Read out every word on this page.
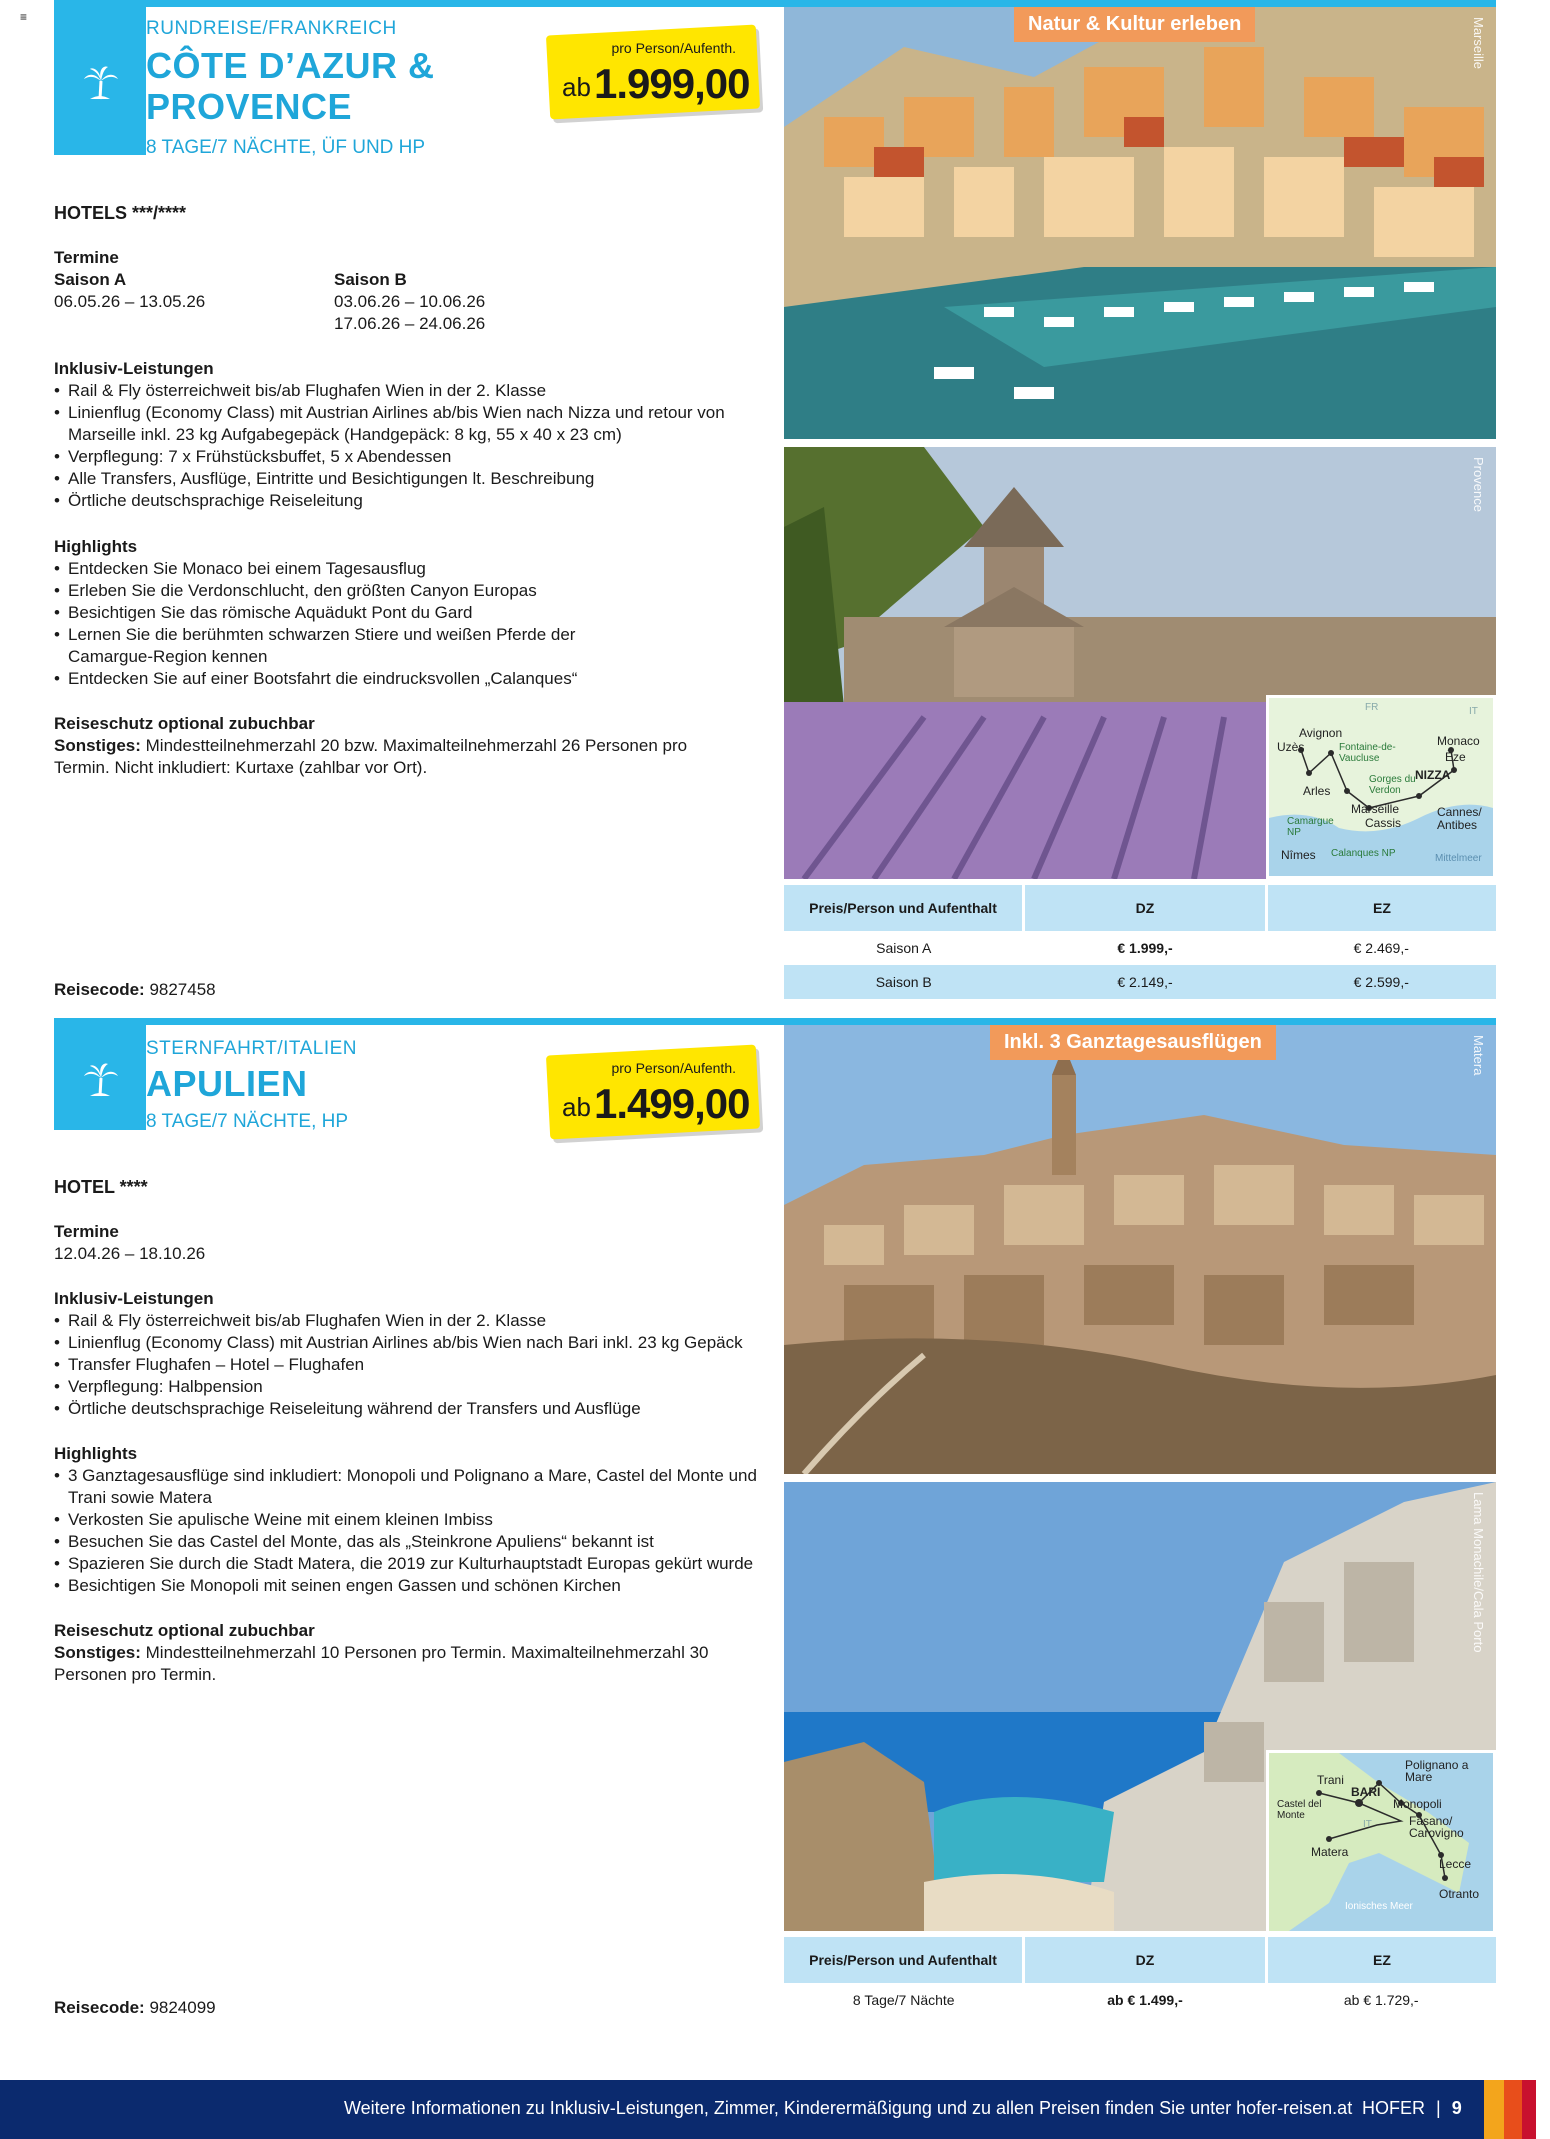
≡
RUNDREISE/FRANKREICH
CÔTE D’AZUR &
PROVENCE
8 TAGE/7 NÄCHTE, ÜF UND HP
pro Person/Aufenth.
ab 1.999,00
HOTELS ***/****
Termine
Saison A
06.05.26 – 13.05.26
Saison B
03.06.26 – 10.06.26
17.06.26 – 24.06.26
Inklusiv-Leistungen
• Rail & Fly österreichweit bis/ab Flughafen Wien in der 2. Klasse
• Linienflug (Economy Class) mit Austrian Airlines ab/bis Wien nach Nizza und retour von Marseille inkl. 23 kg Aufgabegepäck (Handgepäck: 8 kg, 55 x 40 x 23 cm)
• Verpflegung: 7 x Frühstücksbuffet, 5 x Abendessen
• Alle Transfers, Ausflüge, Eintritte und Besichtigungen lt. Beschreibung
• Örtliche deutschsprachige Reiseleitung
Highlights
• Entdecken Sie Monaco bei einem Tagesausflug
• Erleben Sie die Verdonschlucht, den größten Canyon Europas
• Besichtigen Sie das römische Aquädukt Pont du Gard
• Lernen Sie die berühmten schwarzen Stiere und weißen Pferde der Camargue-Region kennen
• Entdecken Sie auf einer Bootsfahrt die eindrucksvollen „Calanques“
Reiseschutz optional zubuchbar
Sonstiges: Mindestteilnehmerzahl 20 bzw. Maximalteilnehmerzahl 26 Personen pro Termin. Nicht inkludiert: Kurtaxe (zahlbar vor Ort).
Reisecode: 9827458
Marseille
Natur & Kultur erleben
Provence
FR	IT
Avignon
Uzès	Fontaine-de-Vaucluse
Monaco
Èze
NIZZA
Arles
Gorges du Verdon
Camargue NP
Marseille
Cassis
Cannes/ Antibes
Nîmes Calanques NP	Mittelmeer
Preis/Person und Aufenthalt	DZ	EZ
Saison A	€ 1.999,-	€ 2.469,-
Saison B	€ 2.149,-	€ 2.599,-
STERNFAHRT/ITALIEN
APULIEN
8 TAGE/7 NÄCHTE, HP
pro Person/Aufenth.
ab 1.499,00
HOTEL ****
Termine
12.04.26 – 18.10.26
Inklusiv-Leistungen
• Rail & Fly österreichweit bis/ab Flughafen Wien in der 2. Klasse
• Linienflug (Economy Class) mit Austrian Airlines ab/bis Wien nach Bari inkl. 23 kg Gepäck
• Transfer Flughafen – Hotel – Flughafen
• Verpflegung: Halbpension
• Örtliche deutschsprachige Reiseleitung während der Transfers und Ausflüge
Highlights
• 3 Ganztagesausflüge sind inkludiert: Monopoli und Polignano a Mare, Castel del Monte und Trani sowie Matera
• Verkosten Sie apulische Weine mit einem kleinen Imbiss
• Besuchen Sie das Castel del Monte, das als „Steinkrone Apuliens“ bekannt ist
• Spazieren Sie durch die Stadt Matera, die 2019 zur Kulturhauptstadt Europas gekürt wurde
• Besichtigen Sie Monopoli mit seinen engen Gassen und schönen Kirchen
Reiseschutz optional zubuchbar
Sonstiges: Mindestteilnehmerzahl 10 Personen pro Termin. Maximalteilnehmerzahl 30 Personen pro Termin.
Reisecode: 9824099
Matera
Inkl. 3 Ganztagesausflügen
Lama Monachile/Cala Porto
Polignano a Mare
Trani
BARI
Castel del Monte
Monopoli
Fasano/ Carovigno
IT
Matera
Lecce
Otranto
Ionisches Meer
Preis/Person und Aufenthalt	DZ	EZ
8 Tage/7 Nächte	ab € 1.499,-	ab € 1.729,-
Weitere Informationen zu Inklusiv-Leistungen, Zimmer, Kinderermäßigung und zu allen Preisen finden Sie unter hofer-reisen.at HOFER | 9
